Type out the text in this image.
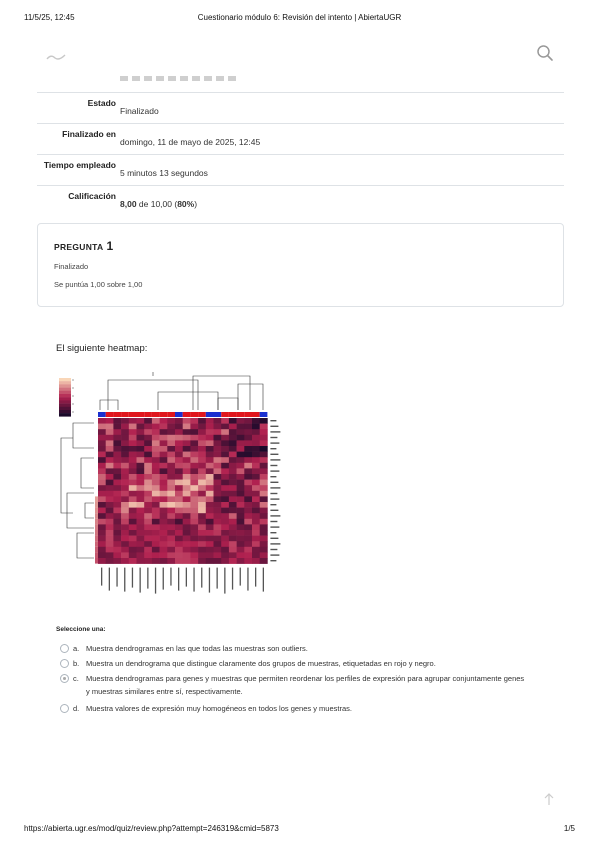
11/5/25, 12:45	Cuestionario módulo 6: Revisión del intento | AbiertaUGR
Estado
Finalizado
Finalizado en
domingo, 11 de mayo de 2025, 12:45
Tiempo empleado
5 minutos 13 segundos
Calificación
8,00 de 10,00 (80%)
PREGUNTA 1
Finalizado
Se puntúa 1,00 sobre 1,00
El siguiente heatmap:
Seleccione una:
a. Muestra dendrogramas en las que todas las muestras son outliers.
b. Muestra un dendrograma que distingue claramente dos grupos de muestras, etiquetadas en rojo y negro.
c. Muestra dendrogramas para genes y muestras que permiten reordenar los perfiles de expresión para agrupar conjuntamente genes y muestras similares entre sí, respectivamente.
d. Muestra valores de expresión muy homogéneos en todos los genes y muestras.
https://abierta.ugr.es/mod/quiz/review.php?attempt=246319&cmid=5873	1/5
